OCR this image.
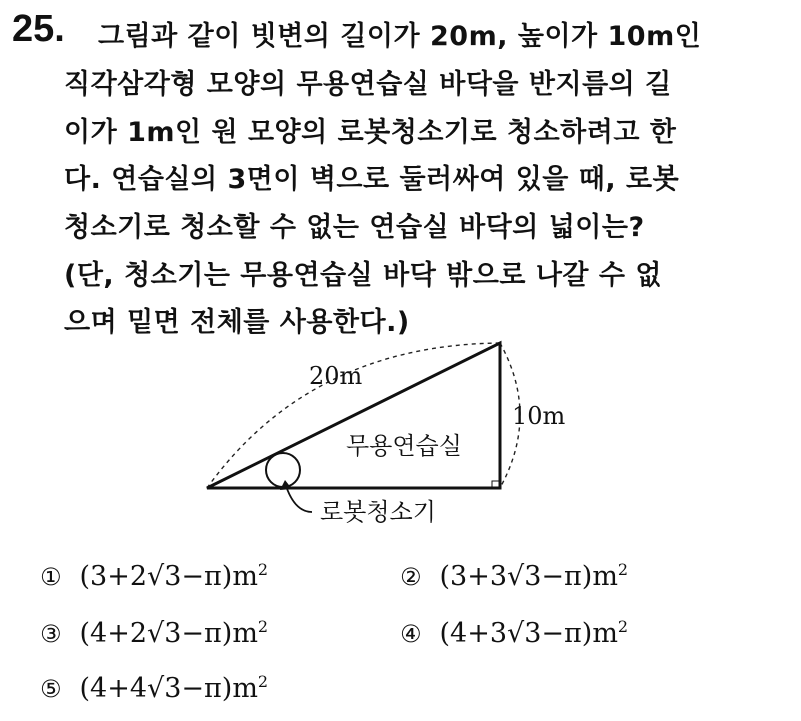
25. 그림과 같이 빗변의 길이가 20m, 높이가 10m인
직각삼각형 모양의 무용연습실 바닥을 반지름의 길
이가 1m인 원 모양의 로봇청소기로 청소하려고 한
다. 연습실의 3면이 벽으로 둘러싸여 있을 때, 로봇
청소기로 청소할 수 없는 연습실 바닥의 넓이는?
(단, 청소기는 무용연습실 바닥 밖으로 나갈 수 없
으며 밑면 전체를 사용한다.)
20m
10m
무용연습실
로봇청소기
① $(3+2√3-\pi)m^2$	② $(3+3√3-\pi)m^2$
③ $(4+2√3-\pi)m^2$	④ $(4+3√3-\pi)m^2$
⑤ $(4+4√3-\pi)m^2$
